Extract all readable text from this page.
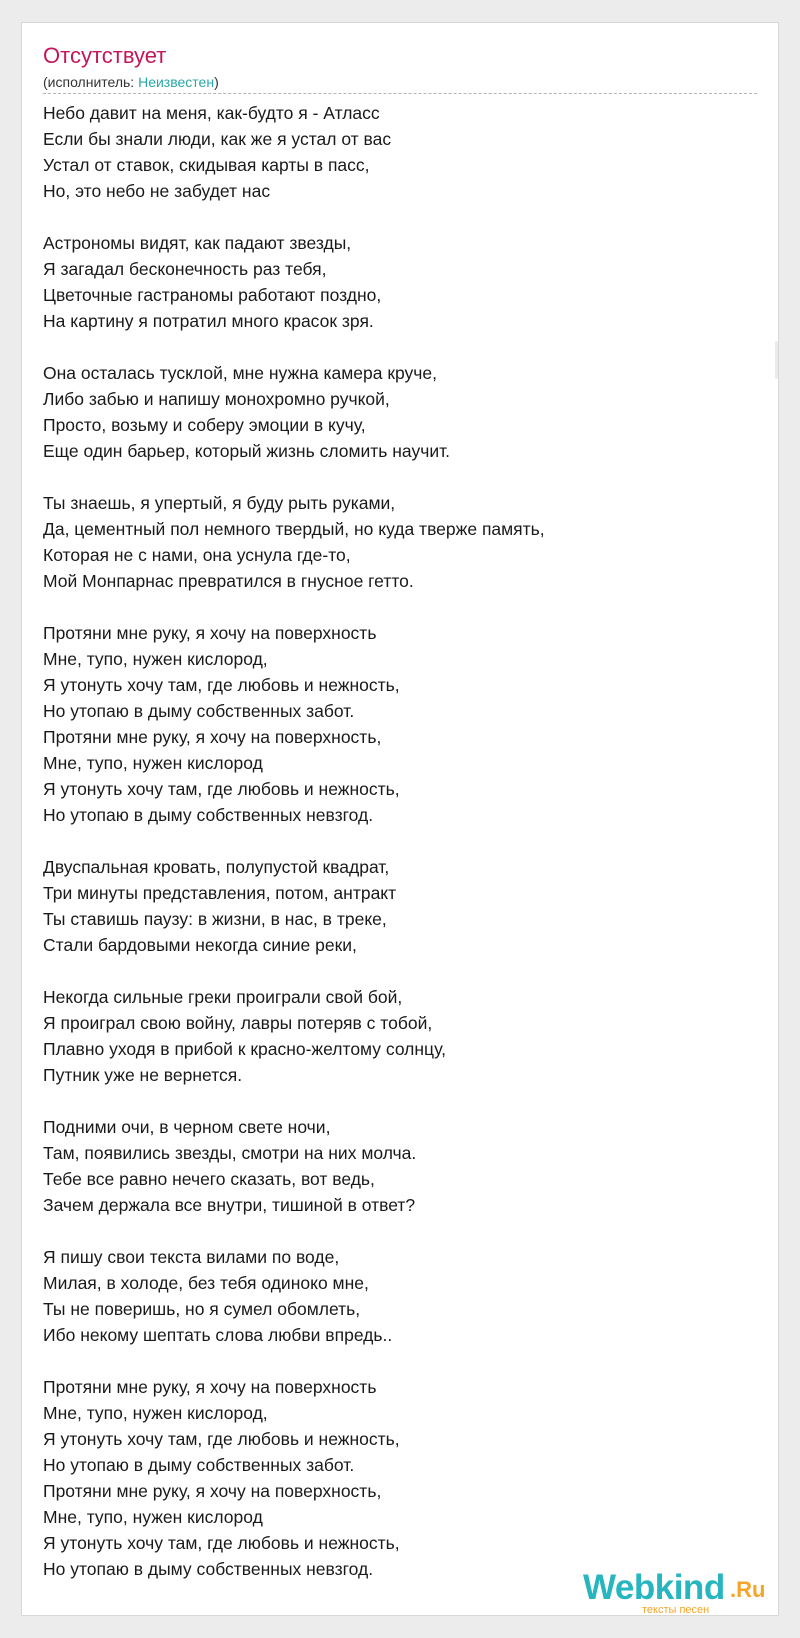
Отсутствует
(исполнитель: Неизвестен)
Небо давит на меня, как-будто я - Атласс
Если бы знали люди, как же я устал от вас
Устал от ставок, скидывая карты в пасс,
Но, это небо не забудет нас
Астрономы видят, как падают звезды,
Я загадал бесконечность раз тебя,
Цветочные гастраномы работают поздно,
На картину я потратил много красок зря.
Она осталась тусклой, мне нужна камера круче,
Либо забью и напишу монохромно ручкой,
Просто, возьму и соберу эмоции в кучу,
Еще один барьер, который жизнь сломить научит.
Ты знаешь, я упертый, я буду рыть руками,
Да, цементный пол немного твердый, но куда тверже память,
Которая не с нами, она уснула где-то,
Мой Монпарнас превратился в гнусное гетто.
Протяни мне руку, я хочу на поверхность
Мне, тупо, нужен кислород,
Я утонуть хочу там, где любовь и нежность,
Но утопаю в дыму собственных забот.
Протяни мне руку, я хочу на поверхность,
Мне, тупо, нужен кислород
Я утонуть хочу там, где любовь и нежность,
Но утопаю в дыму собственных невзгод.
Двуспальная кровать, полупустой квадрат,
Три минуты представления, потом, антракт
Ты ставишь паузу: в жизни, в нас, в треке,
Стали бардовыми некогда синие реки,
Некогда сильные греки проиграли свой бой,
Я проиграл свою войну, лавры потеряв с тобой,
Плавно уходя в прибой к красно-желтому солнцу,
Путник уже не вернется.
Подними очи, в черном свете ночи,
Там, появились звезды, смотри на них молча.
Тебе все равно нечего сказать, вот ведь,
Зачем держала все внутри, тишиной в ответ?
Я пишу свои текста вилами по воде,
Милая, в холоде, без тебя одиноко мне,
Ты не поверишь, но я сумел обомлеть,
Ибо некому шептать слова любви впредь..
Протяни мне руку, я хочу на поверхность
Мне, тупо, нужен кислород,
Я утонуть хочу там, где любовь и нежность,
Но утопаю в дыму собственных забот.
Протяни мне руку, я хочу на поверхность,
Мне, тупо, нужен кислород
Я утонуть хочу там, где любовь и нежность,
Но утопаю в дыму собственных невзгод.	Webkind .Ru
тексты песен
